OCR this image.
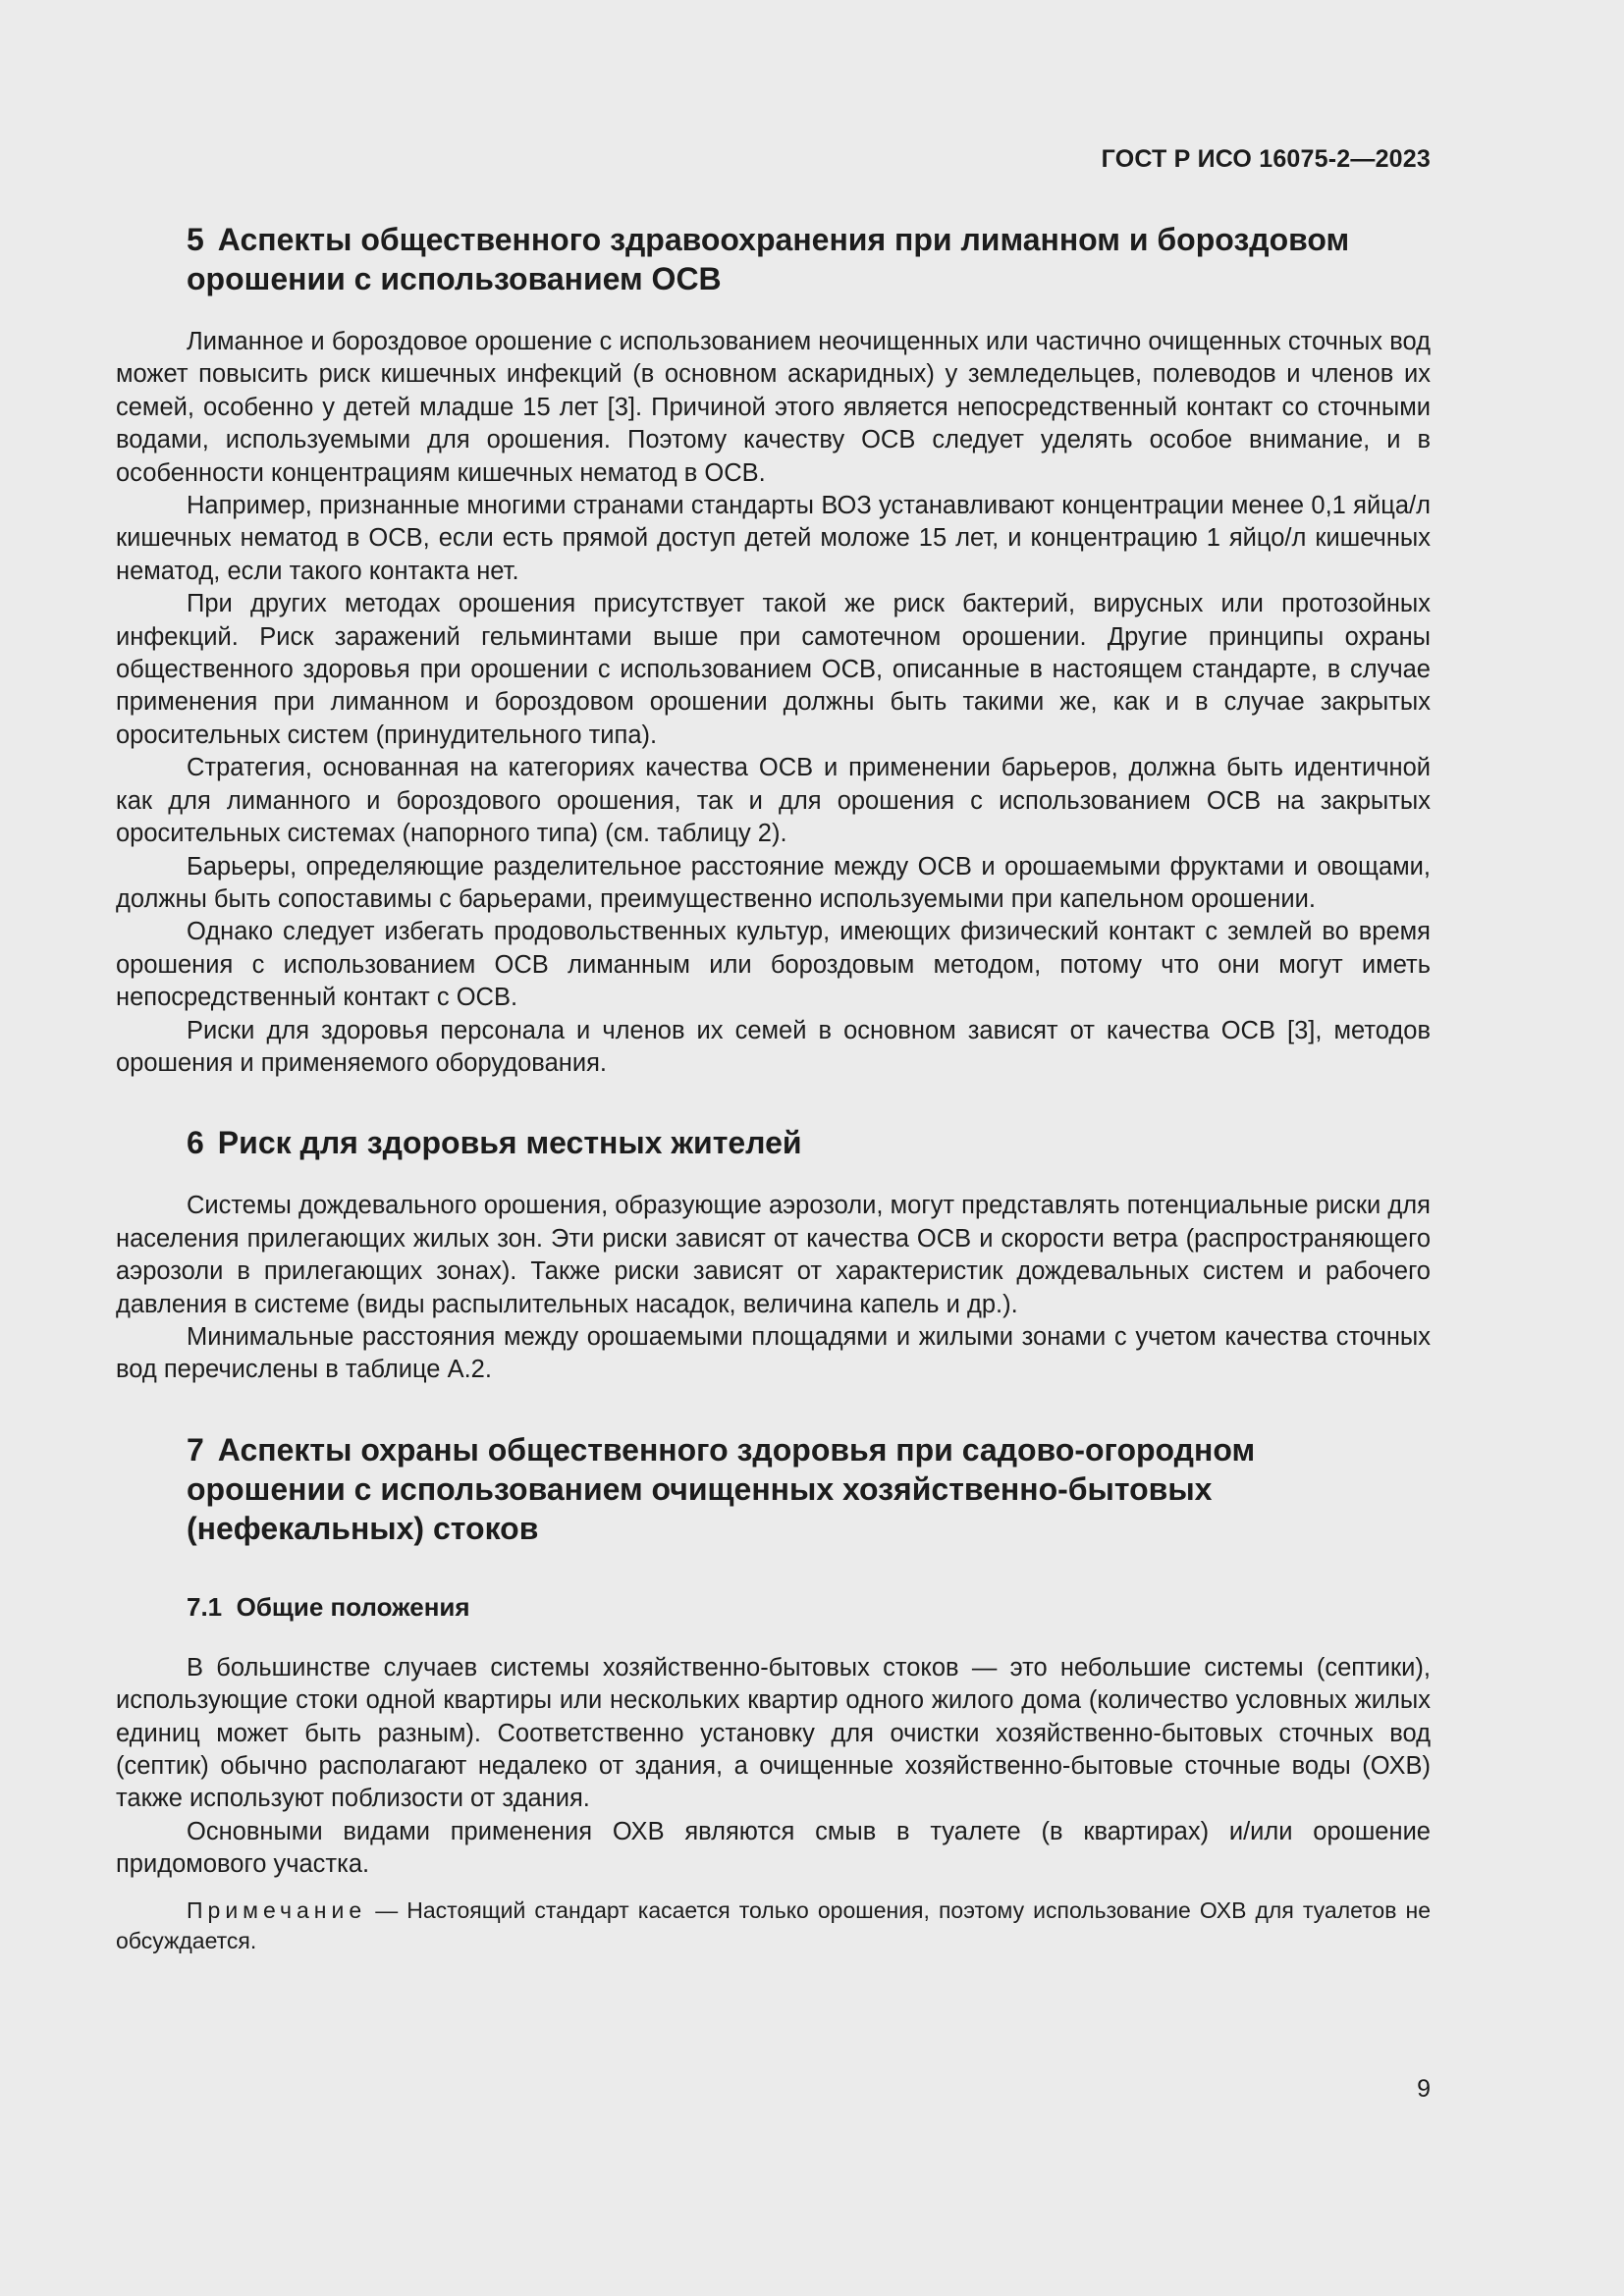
ГОСТ Р ИСО 16075-2—2023
5 Аспекты общественного здравоохранения при лиманном и бороздовом
орошении с использованием ОСВ

Лиманное и бороздовое орошение с использованием неочищенных или частично очищенных сточных вод может повысить риск кишечных инфекций (в основном аскаридных) у земледельцев, полеводов и членов их семей, особенно у детей младше 15 лет [3]. Причиной этого является непосредственный контакт со сточными водами, используемыми для орошения. Поэтому качеству ОСВ следует уделять особое внимание, и в особенности концентрациям кишечных нематод в ОСВ.

Например, признанные многими странами стандарты ВОЗ устанавливают концентрации менее 0,1 яйца/л кишечных нематод в ОСВ, если есть прямой доступ детей моложе 15 лет, и концентрацию 1 яйцо/л кишечных нематод, если такого контакта нет.

При других методах орошения присутствует такой же риск бактерий, вирусных или протозойных инфекций. Риск заражений гельминтами выше при самотечном орошении. Другие принципы охраны общественного здоровья при орошении с использованием ОСВ, описанные в настоящем стандарте, в случае применения при лиманном и бороздовом орошении должны быть такими же, как и в случае закрытых оросительных систем (принудительного типа).

Стратегия, основанная на категориях качества ОСВ и применении барьеров, должна быть идентичной как для лиманного и бороздового орошения, так и для орошения с использованием ОСВ на закрытых оросительных системах (напорного типа) (см. таблицу 2).

Барьеры, определяющие разделительное расстояние между ОСВ и орошаемыми фруктами и овощами, должны быть сопоставимы с барьерами, преимущественно используемыми при капельном орошении.

Однако следует избегать продовольственных культур, имеющих физический контакт с землей во время орошения с использованием ОСВ лиманным или бороздовым методом, потому что они могут иметь непосредственный контакт с ОСВ.

Риски для здоровья персонала и членов их семей в основном зависят от качества ОСВ [3], методов орошения и применяемого оборудования.

6 Риск для здоровья местных жителей

Системы дождевального орошения, образующие аэрозоли, могут представлять потенциальные риски для населения прилегающих жилых зон. Эти риски зависят от качества ОСВ и скорости ветра (распространяющего аэрозоли в прилегающих зонах). Также риски зависят от характеристик дождевальных систем и рабочего давления в системе (виды распылительных насадок, величина капель и др.).

Минимальные расстояния между орошаемыми площадями и жилыми зонами с учетом качества сточных вод перечислены в таблице А.2.

7 Аспекты охраны общественного здоровья при садово-огородном
орошении с использованием очищенных хозяйственно-бытовых
(нефекальных) стоков
7.1 Общие положения

В большинстве случаев системы хозяйственно-бытовых стоков — это небольшие системы (септики), использующие стоки одной квартиры или нескольких квартир одного жилого дома (количество условных жилых единиц может быть разным). Соответственно установку для очистки хозяйственно-бытовых сточных вод (септик) обычно располагают недалеко от здания, а очищенные хозяйственно-бытовые сточные воды (ОХВ) также используют поблизости от здания.

Основными видами применения ОХВ являются смыв в туалете (в квартирах) и/или орошение придомового участка.

Примечание — Настоящий стандарт касается только орошения, поэтому использование ОХВ для туалетов не обсуждается.

9
